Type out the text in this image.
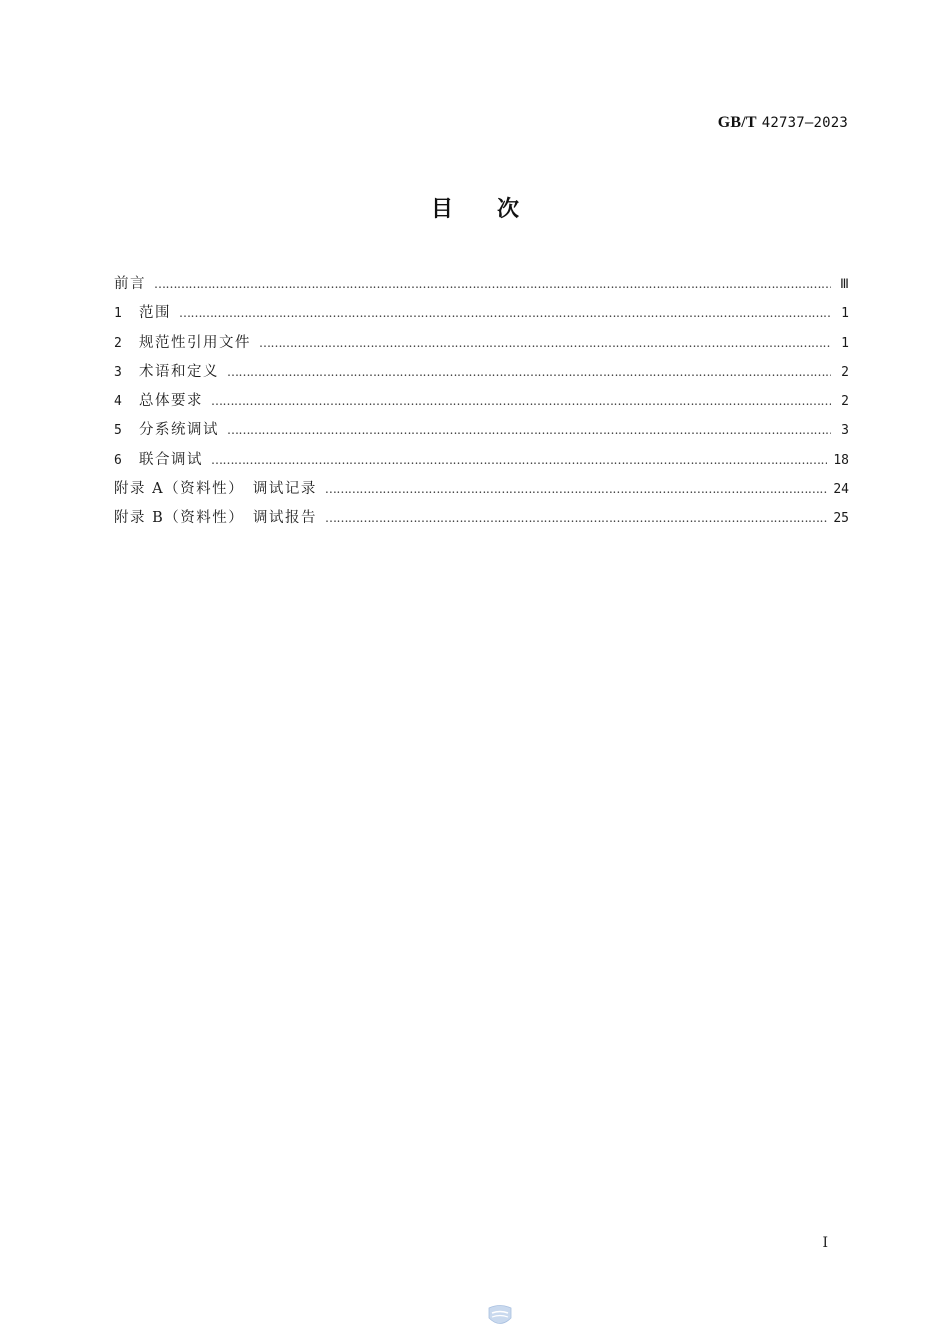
GB/T 42737—2023
目次
前言 ………………………………………………………………………………………………………………………………………………………………………………………………………………	Ⅲ
1 范围 ………………………………………………………………………………………………………………………………………………………………………………………………………………	1
2 规范性引用文件 ………………………………………………………………………………………………………………………………………………………………………………………………………………	1
3 术语和定义 ………………………………………………………………………………………………………………………………………………………………………………………………………………	2
4 总体要求 ………………………………………………………………………………………………………………………………………………………………………………………………………………	2
5 分系统调试 ………………………………………………………………………………………………………………………………………………………………………………………………………………	3
6 联合调试 ………………………………………………………………………………………………………………………………………………………………………………………………………………	18
附录 A（资料性）　调试记录 ………………………………………………………………………………………………………………………………………………………………………………………………………………	24
附录 B（资料性）　调试报告 ………………………………………………………………………………………………………………………………………………………………………………………………………………	25
I
